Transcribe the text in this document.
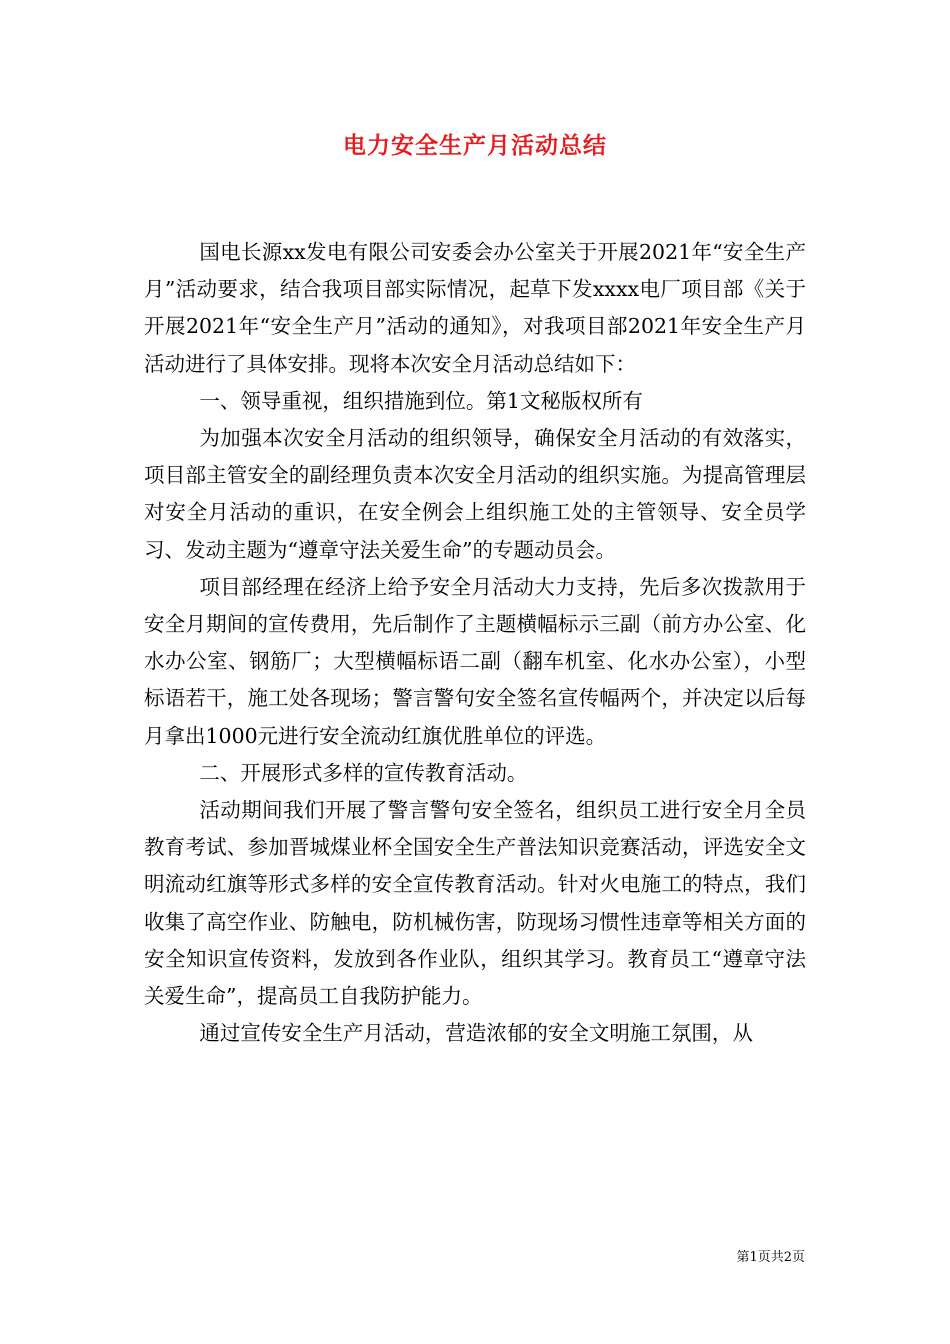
电力安全生产月活动总结

国电长源xx发电有限公司安委会办公室关于开展2021年“安全生产月”活动要求，结合我项目部实际情况，起草下发xxxx电厂项目部《关于开展2021年“安全生产月”活动的通知》，对我项目部2021年安全生产月活动进行了具体安排。现将本次安全月活动总结如下：

一、领导重视，组织措施到位。第1文秘版权所有

为加强本次安全月活动的组织领导，确保安全月活动的有效落实，项目部主管安全的副经理负责本次安全月活动的组织实施。为提高管理层对安全月活动的重识，在安全例会上组织施工处的主管领导、安全员学习、发动主题为“遵章守法关爱生命”的专题动员会。

项目部经理在经济上给予安全月活动大力支持，先后多次拨款用于安全月期间的宣传费用，先后制作了主题横幅标示三副（前方办公室、化水办公室、钢筋厂；大型横幅标语二副（翻车机室、化水办公室），小型标语若干，施工处各现场；警言警句安全签名宣传幅两个，并决定以后每月拿出1000元进行安全流动红旗优胜单位的评选。

二、开展形式多样的宣传教育活动。

活动期间我们开展了警言警句安全签名，组织员工进行安全月全员教育考试、参加晋城煤业杯全国安全生产普法知识竞赛活动，评选安全文明流动红旗等形式多样的安全宣传教育活动。针对火电施工的特点，我们收集了高空作业、防触电，防机械伤害，防现场习惯性违章等相关方面的安全知识宣传资料，发放到各作业队，组织其学习。教育员工“遵章守法关爱生命”，提高员工自我防护能力。

通过宣传安全生产月活动，营造浓郁的安全文明施工氛围，从

第1页共2页
